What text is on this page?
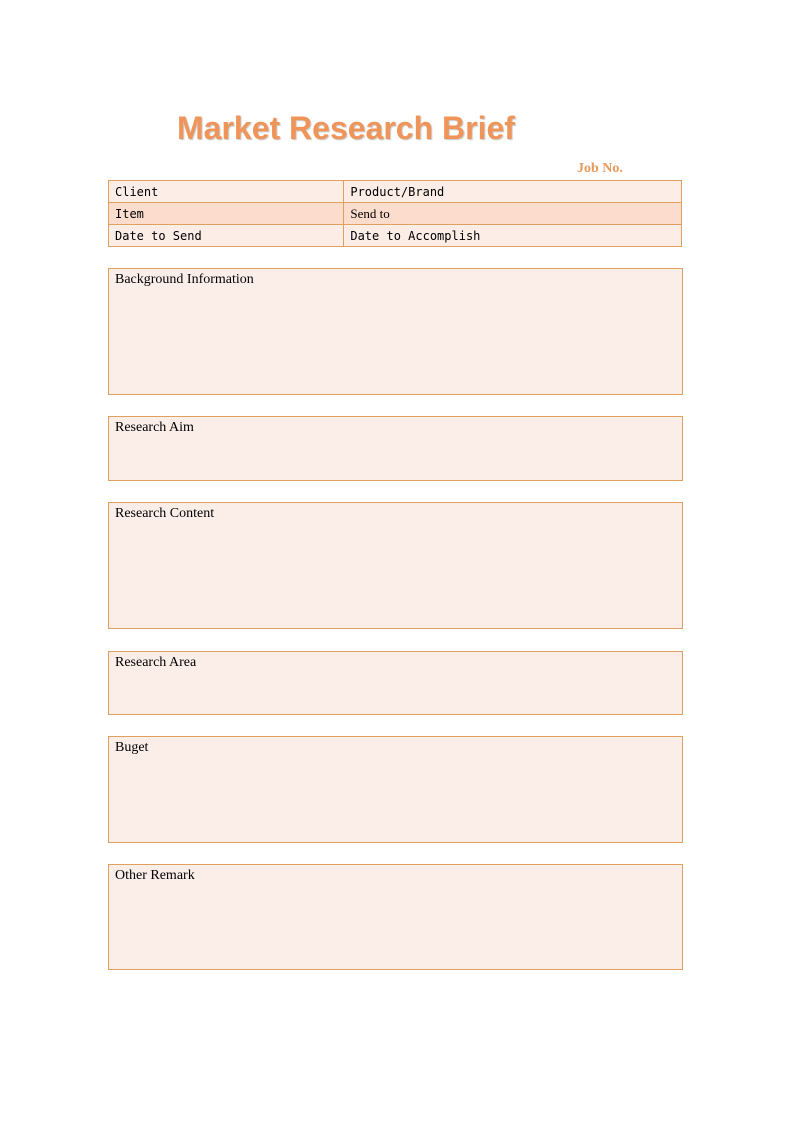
Market Research Brief
Job No.
Client	Product/Brand
Item	Send to
Date to Send	Date to Accomplish
Background Information
Research Aim
Research Content
Research Area
Buget
Other Remark
